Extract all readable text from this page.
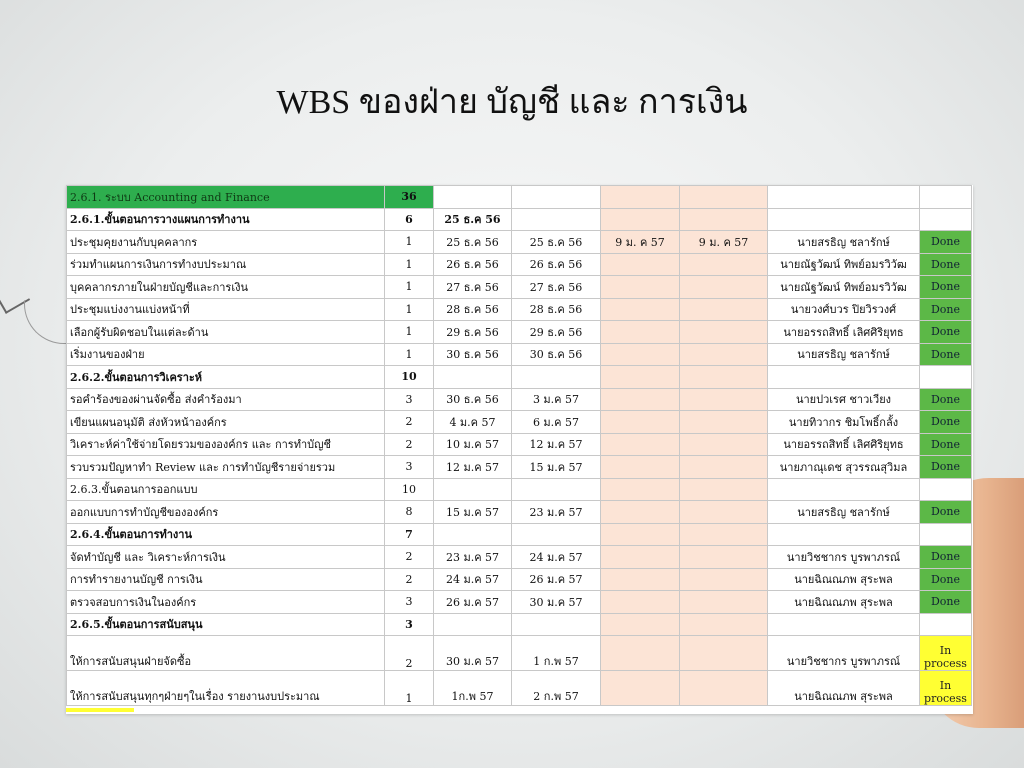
WBS ของฝ่าย บัญชี และ การเงิน
2.6.1. ระบบ Accounting and Finance	36						
2.6.1.ขั้นตอนการวางแผนการทำงาน	6	25 ธ.ค 56					
ประชุมคุยงานกับบุคคลากร	1	25 ธ.ค 56	25 ธ.ค 56	9 ม. ค 57	9 ม. ค 57	นายสรธิญ ชลารักษ์	Done
ร่วมทำแผนการเงินการทำงบประมาณ	1	26 ธ.ค 56	26 ธ.ค 56			นายณัฐวัฒน์ ทิพย์อมรวิวัฒ	Done
บุคคลากรภายในฝ่ายบัญชีและการเงิน	1	27 ธ.ค 56	27 ธ.ค 56			นายณัฐวัฒน์ ทิพย์อมรวิวัฒ	Done
ประชุมแบ่งงานแบ่งหน้าที่	1	28 ธ.ค 56	28 ธ.ค 56			นายวงศ์บวร ปิยวิรวงศ์	Done
เลือกผู้รับผิดชอบในแต่ละด้าน	1	29 ธ.ค 56	29 ธ.ค 56			นายอรรถสิทธิ์ เลิศศิริยุทธ	Done
เริ่มงานของฝ่าย	1	30 ธ.ค 56	30 ธ.ค 56			นายสรธิญ ชลารักษ์	Done
2.6.2.ขั้นตอนการวิเคราะห์	10						
รอคำร้องของผ่านจัดซื้อ ส่งคำร้องมา	3	30 ธ.ค 56	3 ม.ค 57			นายปวเรศ ชาวเวียง	Done
เขียนแผนอนุมัติ ส่งหัวหน้าองค์กร	2	4 ม.ค 57	6 ม.ค 57			นายทิวากร ชิมโพธิ์กลั้ง	Done
วิเคราะห์ค่าใช้จ่ายโดยรวมขององค์กร และ การทำบัญชี	2	10 ม.ค 57	12 ม.ค 57			นายอรรถสิทธิ์ เลิศศิริยุทธ	Done
รวบรวมปัญหาทำ Review และ การทำบัญชีรายจ่ายรวม	3	12 ม.ค 57	15 ม.ค 57			นายภาณุเดช สุวรรณสุวิมล	Done
2.6.3.ขั้นตอนการออกแบบ	10						
ออกแบบการทำบัญชีขององค์กร	8	15 ม.ค 57	23 ม.ค 57			นายสรธิญ ชลารักษ์	Done
2.6.4.ขั้นตอนการทำงาน	7						
จัดทำบัญชี และ วิเคราะห์การเงิน	2	23 ม.ค 57	24 ม.ค 57			นายวิชชากร บูรพาภรณ์	Done
การทำรายงานบัญชี การเงิน	2	24 ม.ค 57	26 ม.ค 57			นายฉิณณภพ สุระพล	Done
ตรวจสอบการเงินในองค์กร	3	26 ม.ค 57	30 ม.ค 57			นายฉิณณภพ สุระพล	Done
2.6.5.ขั้นตอนการสนับสนุน	3						
ให้การสนับสนุนฝ่ายจัดซื้อ	2	30 ม.ค 57	1 ก.พ 57			นายวิชชากร บูรพาภรณ์	In process
ให้การสนับสนุนทุกๆฝ่ายๆในเรื่อง รายงานงบประมาณ	1	1ก.พ 57	2 ก.พ 57			นายฉิณณภพ สุระพล	In process
